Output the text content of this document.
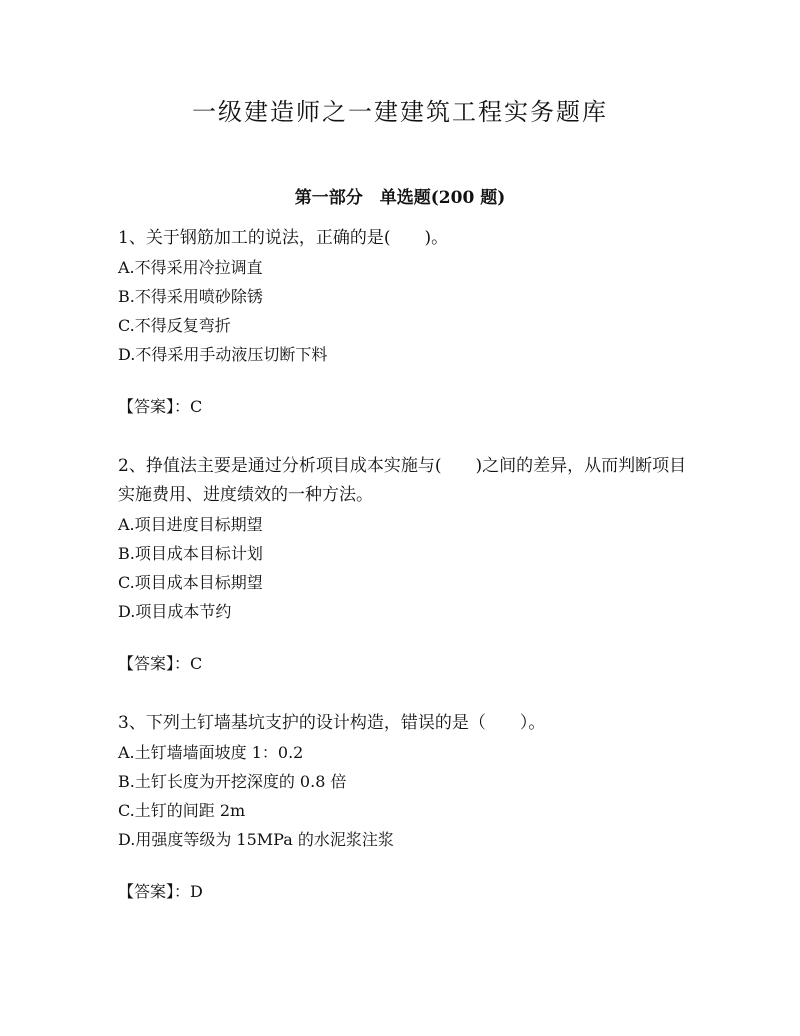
一级建造师之一建建筑工程实务题库
第一部分　单选题(200 题)

1、关于钢筋加工的说法，正确的是(　　)。

A.不得采用冷拉调直
B.不得采用喷砂除锈
C.不得反复弯折
D.不得采用手动液压切断下料

【答案】：C

2、挣值法主要是通过分析项目成本实施与(　　)之间的差异，从而判断项目实施费用、进度绩效的一种方法。

A.项目进度目标期望
B.项目成本目标计划
C.项目成本目标期望
D.项目成本节约

【答案】：C

3、下列土钉墙基坑支护的设计构造，错误的是（　　）。

A.土钉墙墙面坡度 1：0.2
B.土钉长度为开挖深度的 0.8 倍
C.土钉的间距 2m
D.用强度等级为 15MPa 的水泥浆注浆

【答案】：D
